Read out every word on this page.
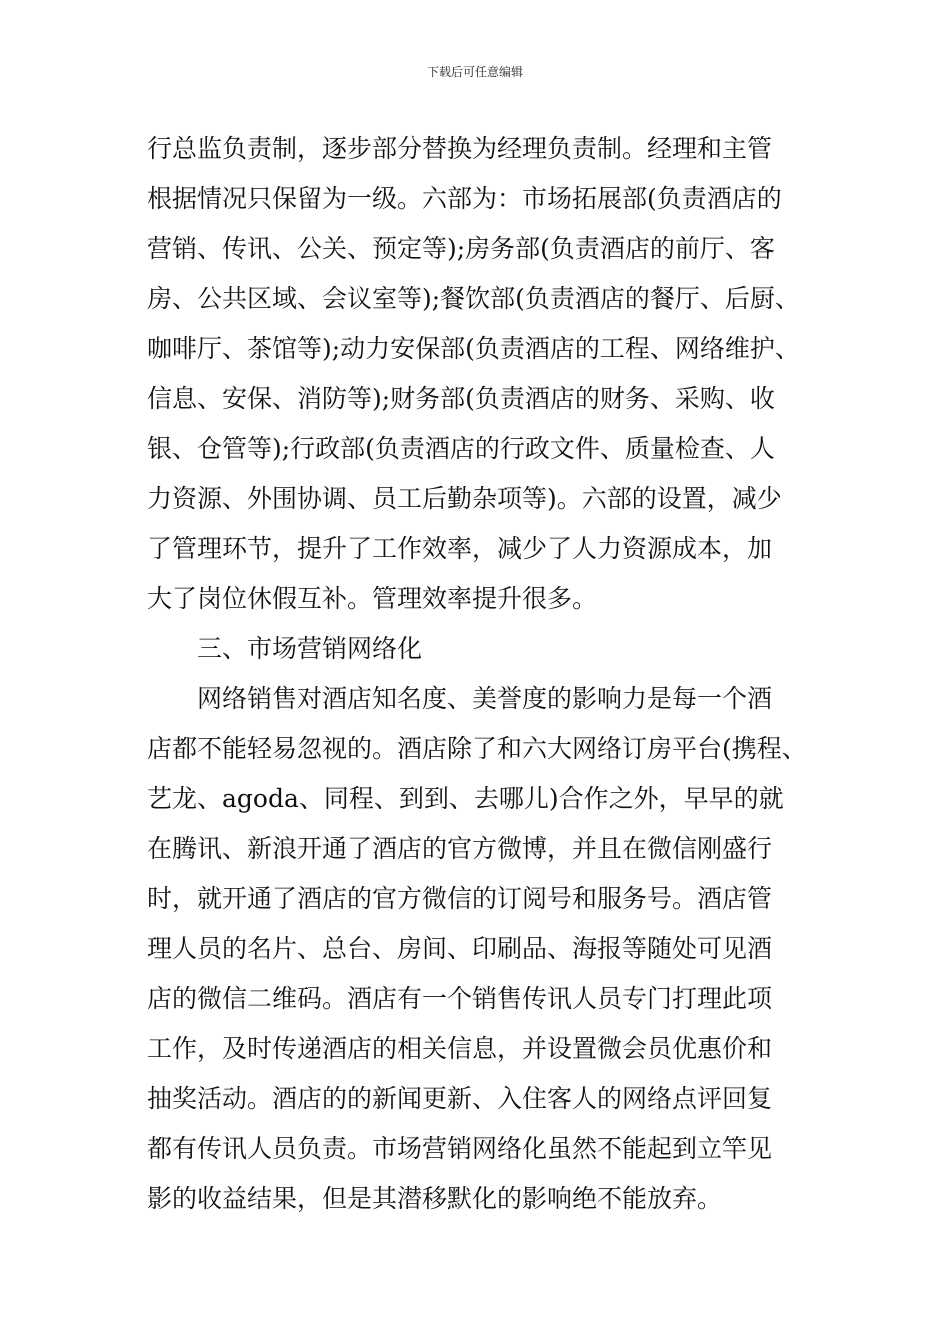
下载后可任意编辑
行总监负责制，逐步部分替换为经理负责制。经理和主管
根据情况只保留为一级。六部为：市场拓展部(负责酒店的
营销、传讯、公关、预定等);房务部(负责酒店的前厅、客
房、公共区域、会议室等);餐饮部(负责酒店的餐厅、后厨、
咖啡厅、茶馆等);动力安保部(负责酒店的工程、网络维护、
信息、安保、消防等);财务部(负责酒店的财务、采购、收
银、仓管等);行政部(负责酒店的行政文件、质量检查、人
力资源、外围协调、员工后勤杂项等)。六部的设置，减少
了管理环节，提升了工作效率，减少了人力资源成本，加
大了岗位休假互补。管理效率提升很多。
三、市场营销网络化
网络销售对酒店知名度、美誉度的影响力是每一个酒
店都不能轻易忽视的。酒店除了和六大网络订房平台(携程、
艺龙、agoda、同程、到到、去哪儿)合作之外，早早的就
在腾讯、新浪开通了酒店的官方微博，并且在微信刚盛行
时，就开通了酒店的官方微信的订阅号和服务号。酒店管
理人员的名片、总台、房间、印刷品、海报等随处可见酒
店的微信二维码。酒店有一个销售传讯人员专门打理此项
工作，及时传递酒店的相关信息，并设置微会员优惠价和
抽奖活动。酒店的的新闻更新、入住客人的网络点评回复
都有传讯人员负责。市场营销网络化虽然不能起到立竿见
影的收益结果，但是其潜移默化的影响绝不能放弃。
